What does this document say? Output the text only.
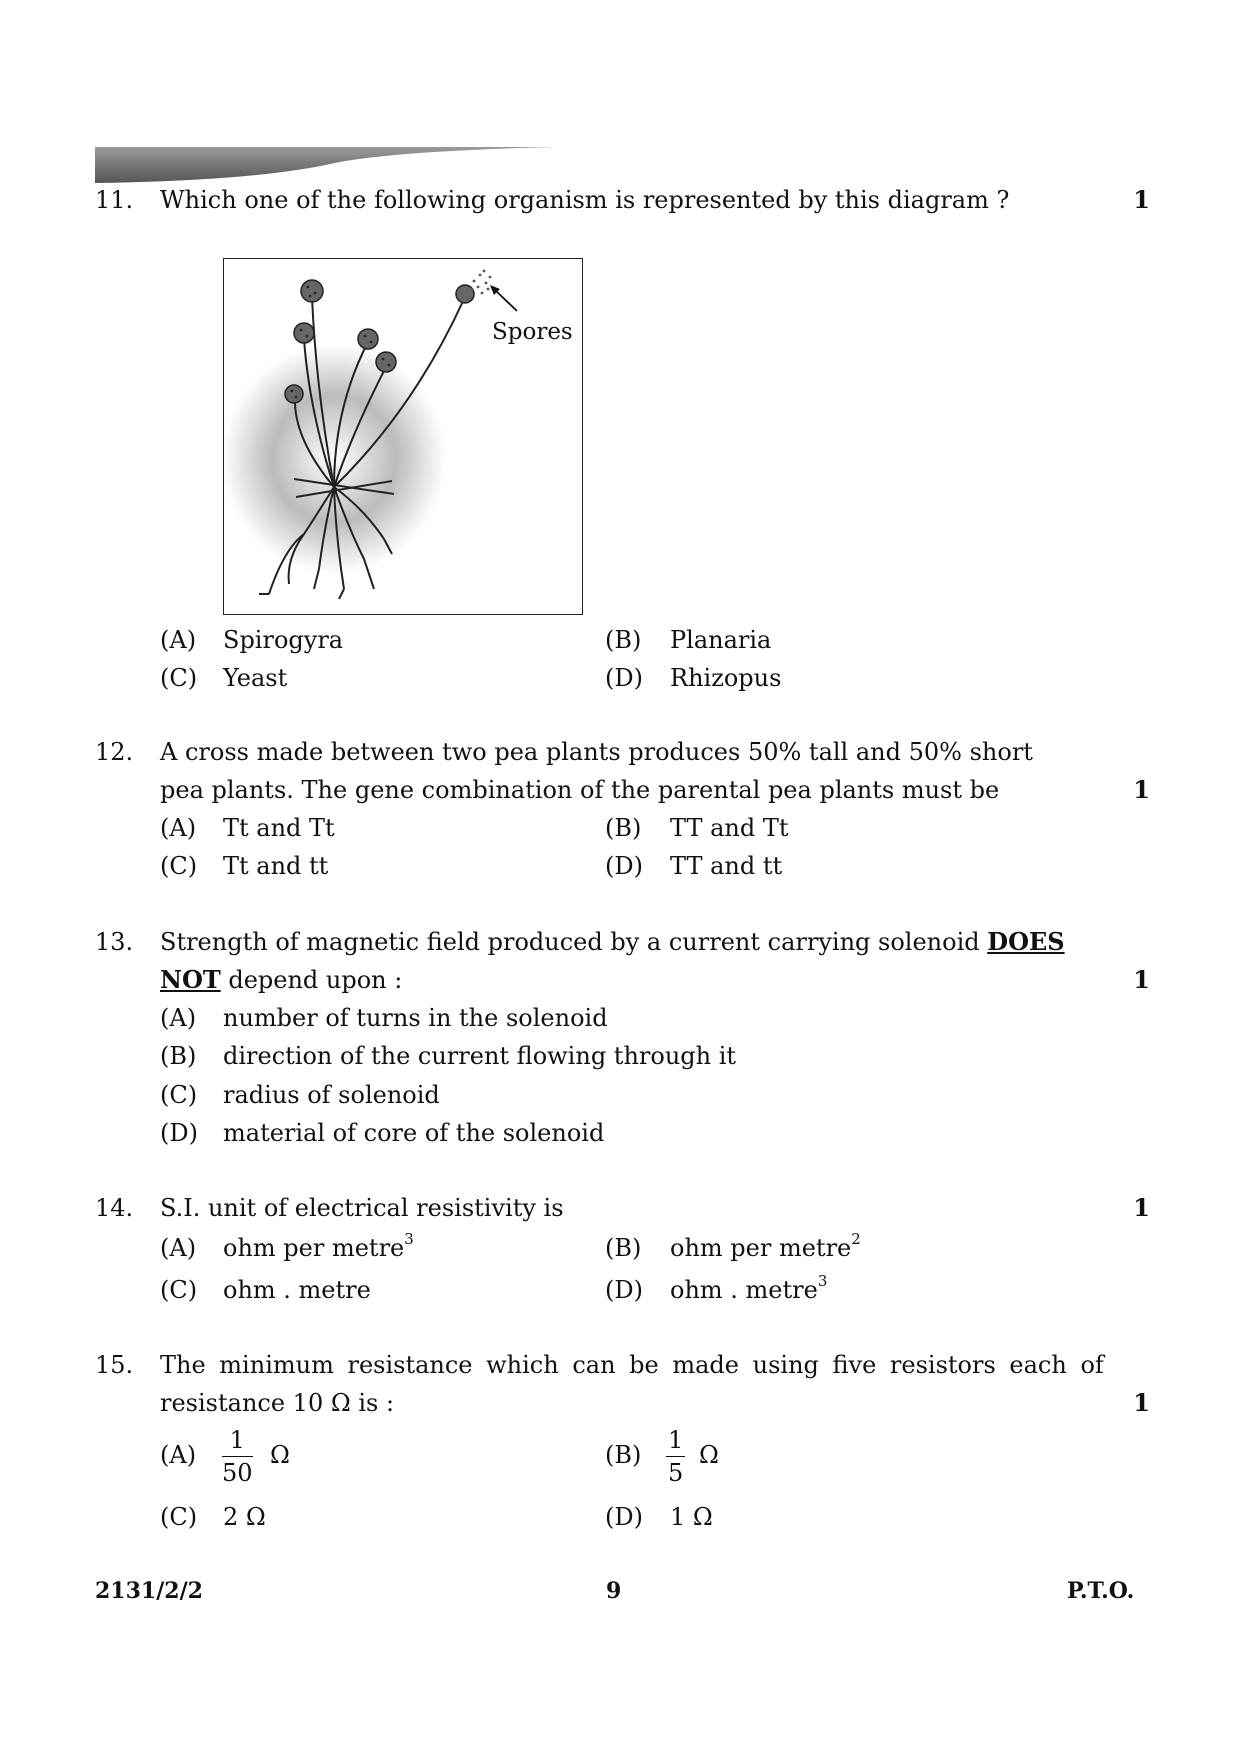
11. Which one of the following organism is represented by this diagram ?	1
Spores
(A)	Spirogyra	(B)	Planaria
(C)	Yeast	(D)	Rhizopus
12. A cross made between two pea plants produces 50% tall and 50% short
pea plants. The gene combination of the parental pea plants must be	1
(A)	Tt and Tt	(B)	TT and Tt
(C)	Tt and tt	(D)	TT and tt
13. Strength of magnetic field produced by a current carrying solenoid DOES
NOT depend upon :	1
(A)	number of turns in the solenoid
(B)	direction of the current flowing through it
(C)	radius of solenoid
(D)	material of core of the solenoid
14. S.I. unit of electrical resistivity is	1
(A)	ohm per metre$^3$	(B)	ohm per metre$^2$
(C)	ohm . metre	(D)	ohm . metre$^3$
15. The minimum resistance which can be made using five resistors each of
resistance 10 Ω is :	1
(A)	$\frac{1}{50}$ Ω	(B)	$\frac{1}{5}$ Ω
(C)	2 Ω	(D)	1 Ω
2131/2/2	9	P.T.O.
